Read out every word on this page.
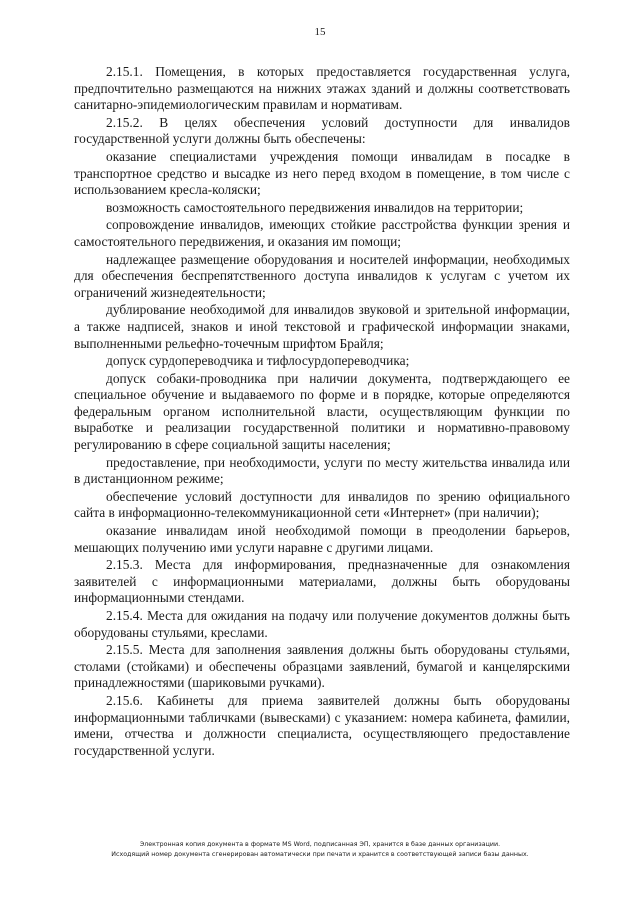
15

2.15.1. Помещения, в которых предоставляется государственная услуга, предпочтительно размещаются на нижних этажах зданий и должны соответствовать санитарно-эпидемиологическим правилам и нормативам.

2.15.2. В целях обеспечения условий доступности для инвалидов государственной услуги должны быть обеспечены:

оказание специалистами учреждения помощи инвалидам в посадке в транспортное средство и высадке из него перед входом в помещение, в том числе с использованием кресла-коляски;

возможность самостоятельного передвижения инвалидов на территории;

сопровождение инвалидов, имеющих стойкие расстройства функции зрения и самостоятельного передвижения, и оказания им помощи;

надлежащее размещение оборудования и носителей информации, необходимых для обеспечения беспрепятственного доступа инвалидов к услугам с учетом их ограничений жизнедеятельности;

дублирование необходимой для инвалидов звуковой и зрительной информации, а также надписей, знаков и иной текстовой и графической информации знаками, выполненными рельефно-точечным шрифтом Брайля;

допуск сурдопереводчика и тифлосурдопереводчика;

допуск собаки-проводника при наличии документа, подтверждающего ее специальное обучение и выдаваемого по форме и в порядке, которые определяются федеральным органом исполнительной власти, осуществляющим функции по выработке и реализации государственной политики и нормативно-правовому регулированию в сфере социальной защиты населения;

предоставление, при необходимости, услуги по месту жительства инвалида или в дистанционном режиме;

обеспечение условий доступности для инвалидов по зрению официального сайта в информационно-телекоммуникационной сети «Интернет» (при наличии);

оказание инвалидам иной необходимой помощи в преодолении барьеров, мешающих получению ими услуги наравне с другими лицами.

2.15.3. Места для информирования, предназначенные для ознакомления заявителей с информационными материалами, должны быть оборудованы информационными стендами.

2.15.4. Места для ожидания на подачу или получение документов должны быть оборудованы стульями, креслами.

2.15.5. Места для заполнения заявления должны быть оборудованы стульями, столами (стойками) и обеспечены образцами заявлений, бумагой и канцелярскими принадлежностями (шариковыми ручками).

2.15.6. Кабинеты для приема заявителей должны быть оборудованы информационными табличками (вывесками) с указанием: номера кабинета, фамилии, имени, отчества и должности специалиста, осуществляющего предоставление государственной услуги.

Электронная копия документа в формате MS Word, подписанная ЭП, хранится в базе данных организации.
Исходящий номер документа сгенерирован автоматически при печати и хранится в соответствующей записи базы данных.
